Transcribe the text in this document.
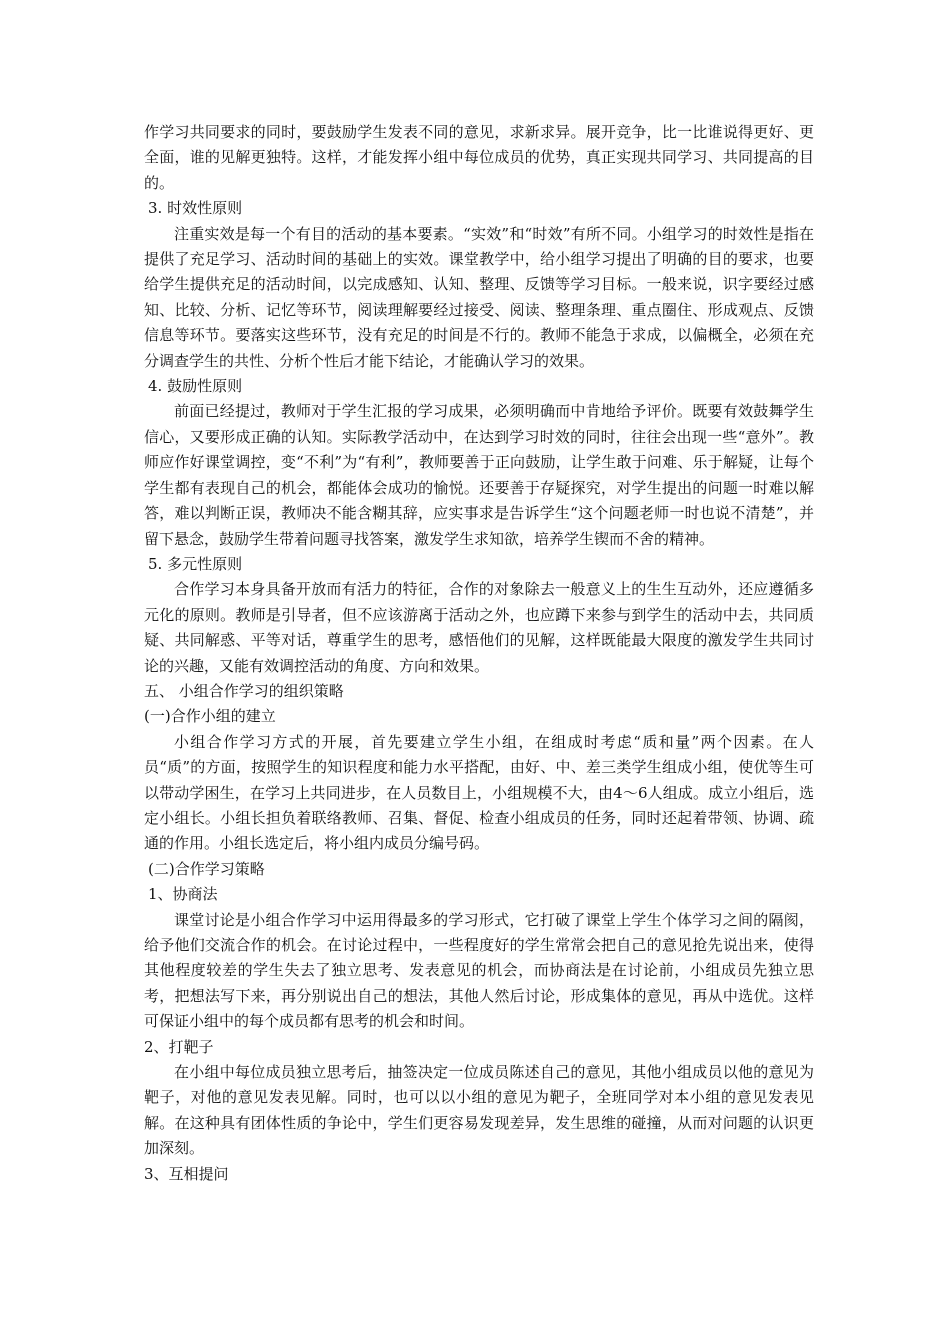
作学习共同要求的同时，要鼓励学生发表不同的意见，求新求异。展开竞争，比一比谁说得更好、更全面，谁的见解更独特。这样，才能发挥小组中每位成员的优势，真正实现共同学习、共同提高的目的。

3. 时效性原则

注重实效是每一个有目的活动的基本要素。“实效”和“时效”有所不同。小组学习的时效性是指在提供了充足学习、活动时间的基础上的实效。课堂教学中，给小组学习提出了明确的目的要求，也要给学生提供充足的活动时间，以完成感知、认知、整理、反馈等学习目标。一般来说，识字要经过感知、比较、分析、记忆等环节，阅读理解要经过接受、阅读、整理条理、重点圈住、形成观点、反馈信息等环节。要落实这些环节，没有充足的时间是不行的。教师不能急于求成，以偏概全，必须在充分调查学生的共性、分析个性后才能下结论，才能确认学习的效果。

4. 鼓励性原则

前面已经提过，教师对于学生汇报的学习成果，必须明确而中肯地给予评价。既要有效鼓舞学生信心，又要形成正确的认知。实际教学活动中，在达到学习时效的同时，往往会出现一些“意外”。教师应作好课堂调控，变“不利”为“有利”，教师要善于正向鼓励，让学生敢于问难、乐于解疑，让每个学生都有表现自己的机会，都能体会成功的愉悦。还要善于存疑探究，对学生提出的问题一时难以解答，难以判断正误，教师决不能含糊其辞，应实事求是告诉学生“这个问题老师一时也说不清楚”，并留下悬念，鼓励学生带着问题寻找答案，激发学生求知欲，培养学生锲而不舍的精神。

5. 多元性原则

合作学习本身具备开放而有活力的特征，合作的对象除去一般意义上的生生互动外，还应遵循多元化的原则。教师是引导者，但不应该游离于活动之外，也应蹲下来参与到学生的活动中去，共同质疑、共同解惑、平等对话，尊重学生的思考，感悟他们的见解，这样既能最大限度的激发学生共同讨论的兴趣，又能有效调控活动的角度、方向和效果。

五、 小组合作学习的组织策略

(一)合作小组的建立

小组合作学习方式的开展，首先要建立学生小组，在组成时考虑“质和量”两个因素。在人员“质”的方面，按照学生的知识程度和能力水平搭配，由好、中、差三类学生组成小组，使优等生可以带动学困生，在学习上共同进步，在人员数目上，小组规模不大，由4～6人组成。成立小组后，选定小组长。小组长担负着联络教师、召集、督促、检查小组成员的任务，同时还起着带领、协调、疏通的作用。小组长选定后，将小组内成员分编号码。

(二)合作学习策略

1、协商法

课堂讨论是小组合作学习中运用得最多的学习形式，它打破了课堂上学生个体学习之间的隔阂，给予他们交流合作的机会。在讨论过程中，一些程度好的学生常常会把自己的意见抢先说出来，使得其他程度较差的学生失去了独立思考、发表意见的机会，而协商法是在讨论前，小组成员先独立思考，把想法写下来，再分别说出自己的想法，其他人然后讨论，形成集体的意见，再从中选优。这样可保证小组中的每个成员都有思考的机会和时间。

2、打靶子

在小组中每位成员独立思考后，抽签决定一位成员陈述自己的意见，其他小组成员以他的意见为靶子，对他的意见发表见解。同时，也可以以小组的意见为靶子，全班同学对本小组的意见发表见解。在这种具有团体性质的争论中，学生们更容易发现差异，发生思维的碰撞，从而对问题的认识更加深刻。

3、互相提问
